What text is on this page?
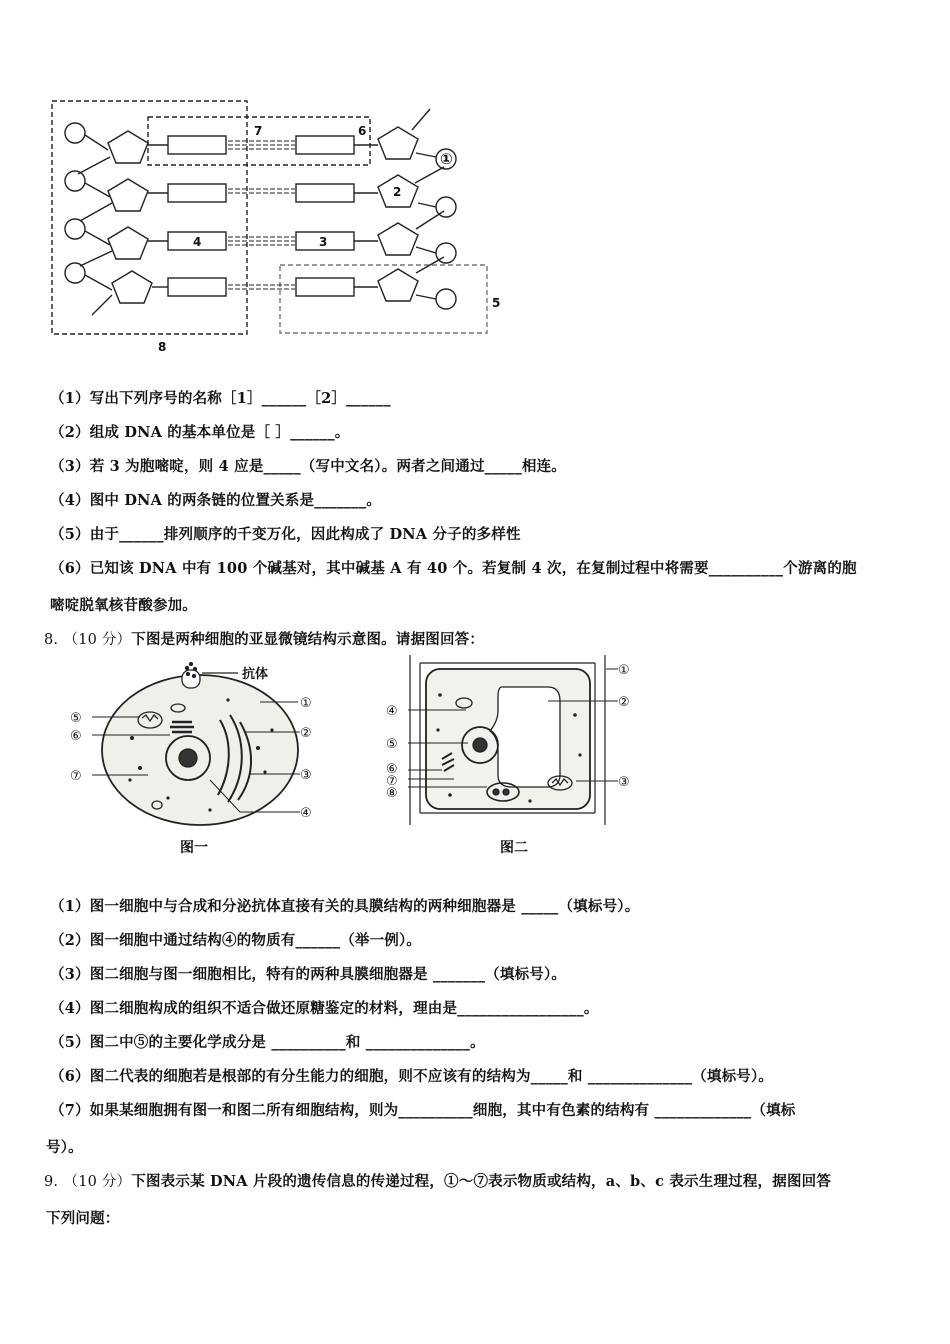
7	6
①
2
4	3
5
8
（1）写出下列序号的名称［1］______［2］______
（2）组成 DNA 的基本单位是［ ］______。
（3）若 3 为胞嘧啶，则 4 应是_____（写中文名）。两者之间通过_____相连。
（4）图中 DNA 的两条链的位置关系是_______。
（5）由于______排列顺序的千变万化，因此构成了 DNA 分子的多样性
（6）已知该 DNA 中有 100 个碱基对，其中碱基 A 有 40 个。若复制 4 次，在复制过程中将需要__________个游离的胞
嘧啶脱氧核苷酸参加。
8. （10 分）下图是两种细胞的亚显微镜结构示意图。请据图回答：
抗体
①
②
③
④
⑤
⑥
⑦
图一
①
②
③
④
⑤
⑥
⑦
⑧
图二
（1）图一细胞中与合成和分泌抗体直接有关的具膜结构的两种细胞器是 _____（填标号）。
（2）图一细胞中通过结构④的物质有______（举一例）。
（3）图二细胞与图一细胞相比，特有的两种具膜细胞器是 _______（填标号）。
（4）图二细胞构成的组织不适合做还原糖鉴定的材料，理由是_________________。
（5）图二中⑤的主要化学成分是 __________和 ______________。
（6）图二代表的细胞若是根部的有分生能力的细胞，则不应该有的结构为_____和 ______________（填标号）。
（7）如果某细胞拥有图一和图二所有细胞结构，则为__________细胞，其中有色素的结构有 _____________（填标
号）。
9. （10 分）下图表示某 DNA 片段的遗传信息的传递过程，①～⑦表示物质或结构，a、b、c 表示生理过程，据图回答
下列问题：
